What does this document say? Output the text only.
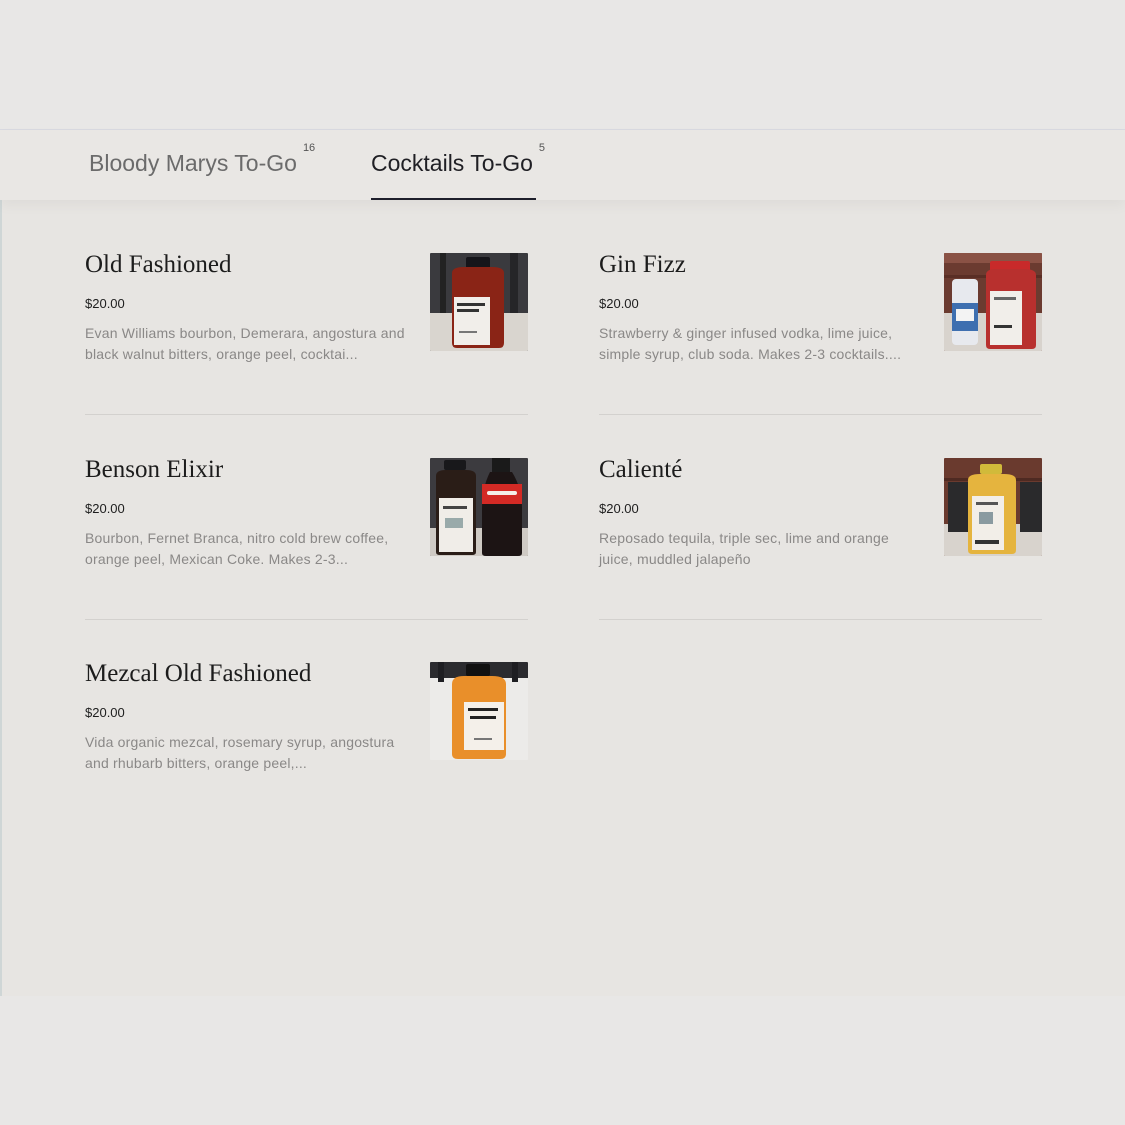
Bloody Marys To-Go$^{16}$
Cocktails To-Go$^5$
Old Fashioned
$20.00
Evan Williams bourbon, Demerara, angostura and black walnut bitters, orange peel, cocktai...
Gin Fizz
$20.00
Strawberry & ginger infused vodka, lime juice, simple syrup, club soda. Makes 2-3 cocktails....
Benson Elixir
$20.00
Bourbon, Fernet Branca, nitro cold brew coffee, orange peel, Mexican Coke. Makes 2-3...
Calienté
$20.00
Reposado tequila, triple sec, lime and orange juice, muddled jalapeño
Mezcal Old Fashioned
$20.00
Vida organic mezcal, rosemary syrup, angostura and rhubarb bitters, orange peel,...
